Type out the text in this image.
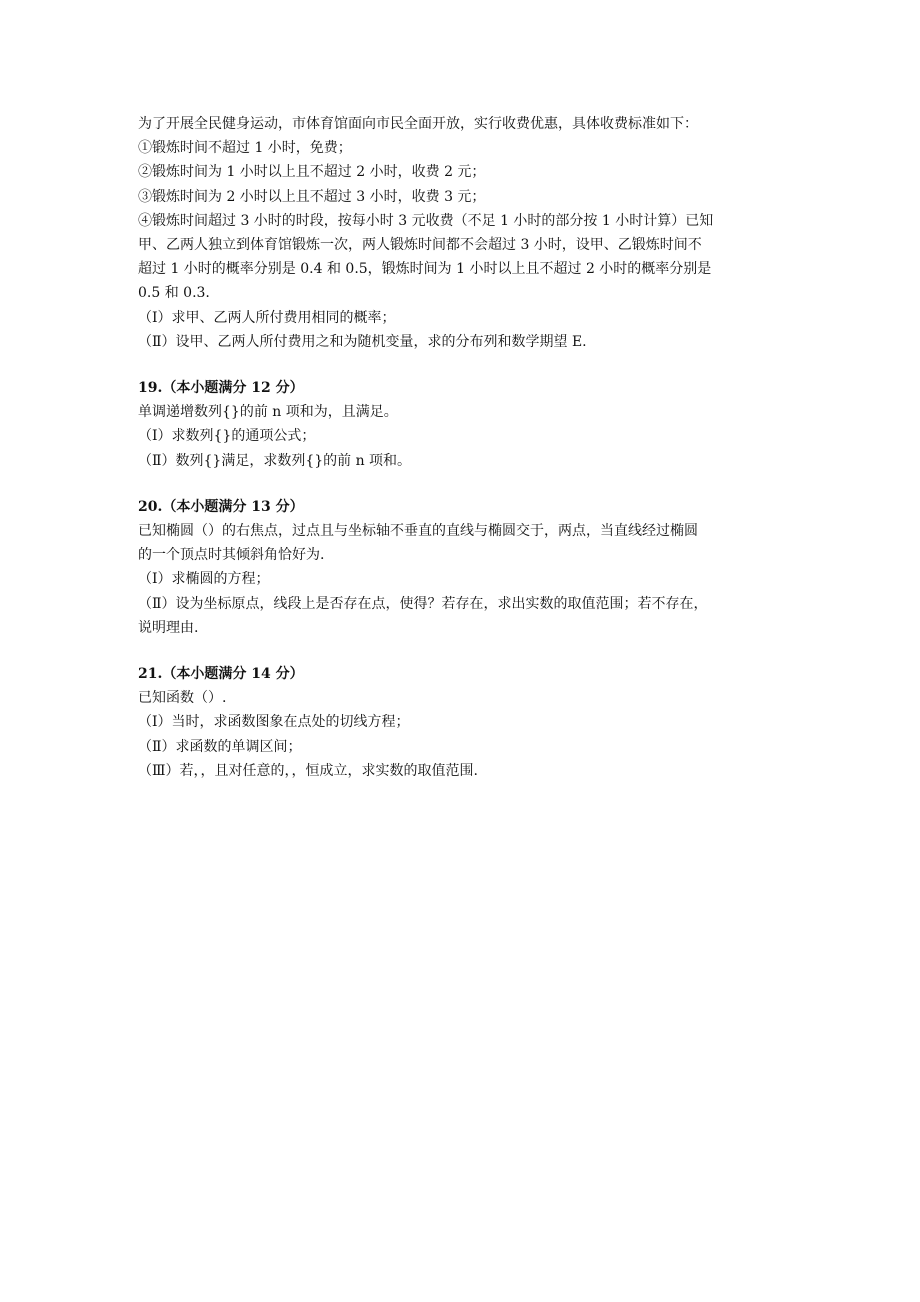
为了开展全民健身运动，市体育馆面向市民全面开放，实行收费优惠，具体收费标准如下：

①锻炼时间不超过 1 小时，免费；

②锻炼时间为 1 小时以上且不超过 2 小时，收费 2 元；

③锻炼时间为 2 小时以上且不超过 3 小时，收费 3 元；

④锻炼时间超过 3 小时的时段，按每小时 3 元收费（不足 1 小时的部分按 1 小时计算）已知

甲、乙两人独立到体育馆锻炼一次，两人锻炼时间都不会超过 3 小时，设甲、乙锻炼时间不

超过 1 小时的概率分别是 0.4 和 0.5，锻炼时间为 1 小时以上且不超过 2 小时的概率分别是

0.5 和 0.3.

（Ⅰ）求甲、乙两人所付费用相同的概率；

（Ⅱ）设甲、乙两人所付费用之和为随机变量，求的分布列和数学期望 E.

19.（本小题满分 12 分）

单调递增数列{}的前 n 项和为，且满足。

（Ⅰ）求数列{}的通项公式；

（Ⅱ）数列{}满足，求数列{}的前 n 项和。

20.（本小题满分 13 分）

已知椭圆（）的右焦点，过点且与坐标轴不垂直的直线与椭圆交于，两点，当直线经过椭圆

的一个顶点时其倾斜角恰好为.

（Ⅰ）求椭圆的方程；

（Ⅱ）设为坐标原点，线段上是否存在点，使得？若存在，求出实数的取值范围；若不存在，

说明理由.

21.（本小题满分 14 分）

已知函数（）.

（Ⅰ）当时，求函数图象在点处的切线方程；

（Ⅱ）求函数的单调区间；

（Ⅲ）若，，且对任意的，，恒成立，求实数的取值范围.
